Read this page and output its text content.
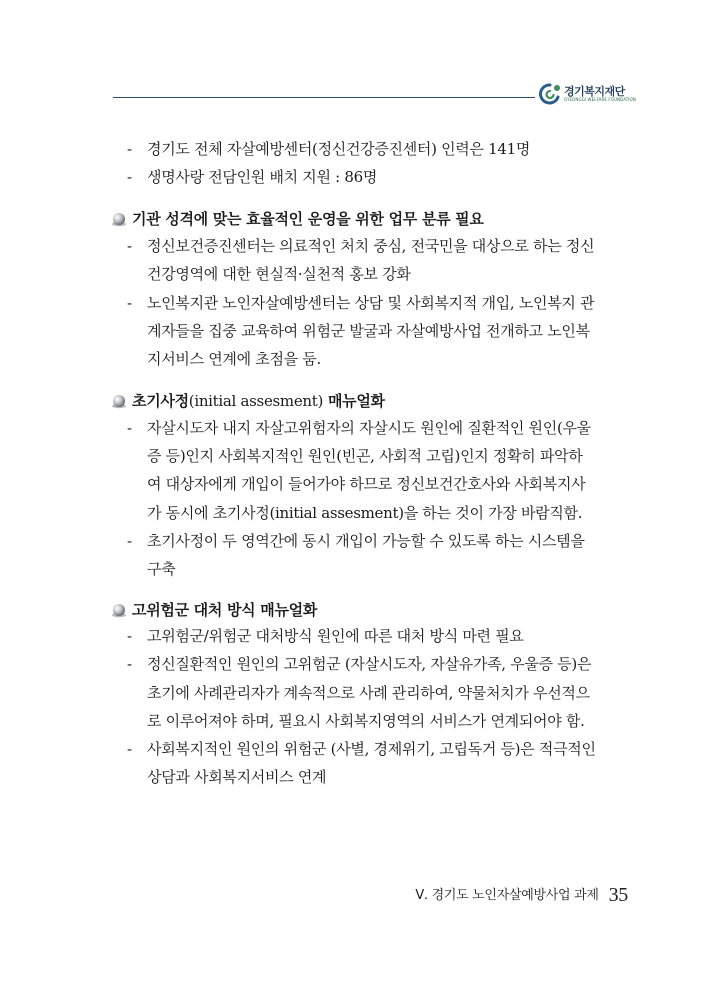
경기복지재단
GYEONGGI WELFARE FOUNDATION
- 경기도 전체 자살예방센터(정신건강증진센터) 인력은 141명
- 생명사랑 전담인원 배치 지원 : 86명
기관 성격에 맞는 효율적인 운영을 위한 업무 분류 필요
- 정신보건증진센터는 의료적인 처치 중심, 전국민을 대상으로 하는 정신
건강영역에 대한 현실적·실천적 홍보 강화
- 노인복지관 노인자살예방센터는 상담 및 사회복지적 개입, 노인복지 관
계자들을 집중 교육하여 위험군 발굴과 자살예방사업 전개하고 노인복
지서비스 연계에 초점을 둠.
초기사정(initial assesment) 매뉴얼화
- 자살시도자 내지 자살고위험자의 자살시도 원인에 질환적인 원인(우울
증 등)인지 사회복지적인 원인(빈곤, 사회적 고립)인지 정확히 파악하
여 대상자에게 개입이 들어가야 하므로 정신보건간호사와 사회복지사
가 동시에 초기사정(initial assesment)을 하는 것이 가장 바람직함.
- 초기사정이 두 영역간에 동시 개입이 가능할 수 있도록 하는 시스템을
구축
고위험군 대처 방식 매뉴얼화
- 고위험군/위험군 대처방식 원인에 따른 대처 방식 마련 필요
- 정신질환적인 원인의 고위험군 (자살시도자, 자살유가족, 우울증 등)은
초기에 사례관리자가 계속적으로 사례 관리하여, 약물처치가 우선적으
로 이루어져야 하며, 필요시 사회복지영역의 서비스가 연계되어야 함.
- 사회복지적인 원인의 위험군 (사별, 경제위기, 고립독거 등)은 적극적인
상담과 사회복지서비스 연계
Ⅴ. 경기도 노인자살예방사업 과제 35
